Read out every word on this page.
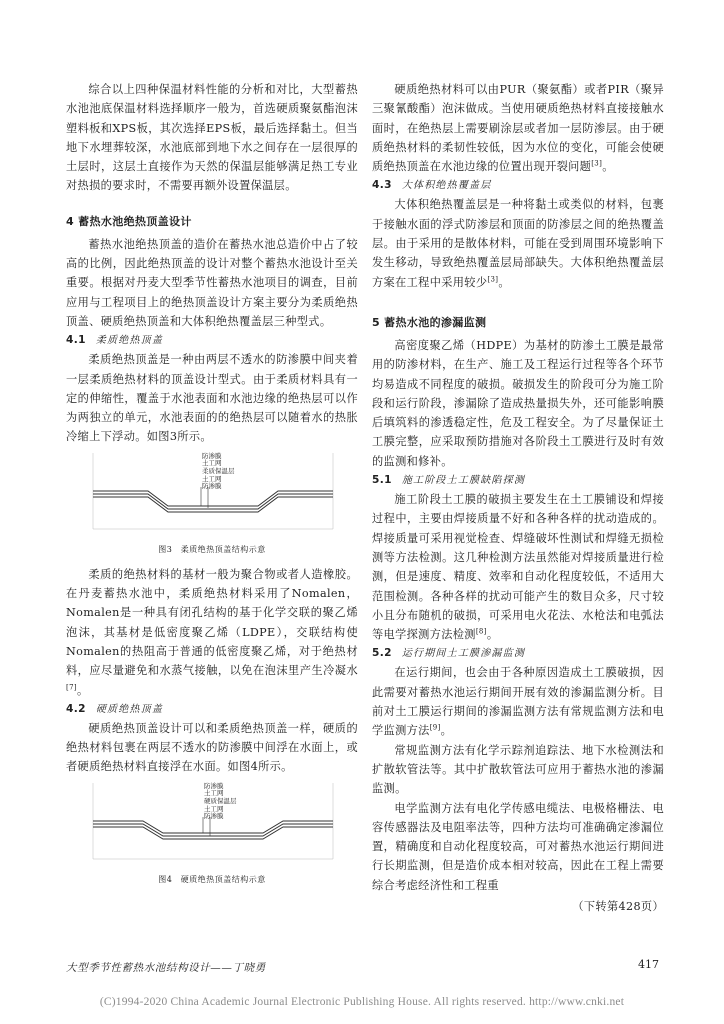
综合以上四种保温材料性能的分析和对比，大型蓄热水池池底保温材料选择顺序一般为，首选硬质聚氨酯泡沫塑料板和XPS板，其次选择EPS板，最后选择黏土。但当地下水埋葬较深，水池底部到地下水之间存在一层很厚的土层时，这层土直接作为天然的保温层能够满足热工专业对热损的要求时，不需要再额外设置保温层。

4 蓄热水池绝热顶盖设计

蓄热水池绝热顶盖的造价在蓄热水池总造价中占了较高的比例，因此绝热顶盖的设计对整个蓄热水池设计至关重要。根据对丹麦大型季节性蓄热水池项目的调查，目前应用与工程项目上的绝热顶盖设计方案主要分为柔质绝热顶盖、硬质绝热顶盖和大体积绝热覆盖层三种型式。

4.1 柔质绝热顶盖

柔质绝热顶盖是一种由两层不透水的防渗膜中间夹着一层柔质绝热材料的顶盖设计型式。由于柔质材料具有一定的伸缩性，覆盖于水池表面和水池边缘的绝热层可以作为两独立的单元，水池表面的的绝热层可以随着水的热胀冷缩上下浮动。如图3所示。

防渗膜
土工网
柔质保温层
土工网
防渗膜
图3　柔质绝热顶盖结构示意

柔质的绝热材料的基材一般为聚合物或者人造橡胶。在丹麦蓄热水池中，柔质绝热材料采用了Nomalen，Nomalen是一种具有闭孔结构的基于化学交联的聚乙烯泡沫，其基材是低密度聚乙烯（LDPE），交联结构使Nomalen的热阻高于普通的低密度聚乙烯，对于绝热材料，应尽量避免和水蒸气接触，以免在泡沫里产生冷凝水[7]。

4.2 硬质绝热顶盖

硬质绝热顶盖设计可以和柔质绝热顶盖一样，硬质的绝热材料包裹在两层不透水的防渗膜中间浮在水面上，或者硬质绝热材料直接浮在水面。如图4所示。

防渗膜
土工网
硬质保温层
土工网
防渗膜
图4　硬质绝热顶盖结构示意

硬质绝热材料可以由PUR（聚氨酯）或者PIR（聚异三聚氰酸酯）泡沫做成。当使用硬质绝热材料直接接触水面时，在绝热层上需要刷涂层或者加一层防渗层。由于硬质绝热材料的柔韧性较低，因为水位的变化，可能会使硬质绝热顶盖在水池边缘的位置出现开裂问题[3]。

4.3 大体积绝热覆盖层

大体积绝热覆盖层是一种将黏土或类似的材料，包裹于接触水面的浮式防渗层和顶面的防渗层之间的绝热覆盖层。由于采用的是散体材料，可能在受到周围环境影响下发生移动，导致绝热覆盖层局部缺失。大体积绝热覆盖层方案在工程中采用较少[3]。

5 蓄热水池的渗漏监测

高密度聚乙烯（HDPE）为基材的防渗土工膜是最常用的防渗材料，在生产、施工及工程运行过程等各个环节均易造成不同程度的破损。破损发生的阶段可分为施工阶段和运行阶段，渗漏除了造成热量损失外，还可能影响膜后填筑料的渗透稳定性，危及工程安全。为了尽量保证土工膜完整，应采取预防措施对各阶段土工膜进行及时有效的监测和修补。

5.1 施工阶段土工膜缺陷探测

施工阶段土工膜的破损主要发生在土工膜铺设和焊接过程中，主要由焊接质量不好和各种各样的扰动造成的。焊接质量可采用视觉检查、焊缝破坏性测试和焊缝无损检测等方法检测。这几种检测方法虽然能对焊接质量进行检测，但是速度、精度、效率和自动化程度较低，不适用大范围检测。各种各样的扰动可能产生的数目众多，尺寸较小且分布随机的破损，可采用电火花法、水枪法和电弧法等电学探测方法检测[8]。

5.2 运行期间土工膜渗漏监测

在运行期间，也会由于各种原因造成土工膜破损，因此需要对蓄热水池运行期间开展有效的渗漏监测分析。目前对土工膜运行期间的渗漏监测方法有常规监测方法和电学监测方法[9]。

常规监测方法有化学示踪剂追踪法、地下水检测法和扩散软管法等。其中扩散软管法可应用于蓄热水池的渗漏监测。

电学监测方法有电化学传感电缆法、电极格栅法、电容传感器法及电阻率法等，四种方法均可准确确定渗漏位置，精确度和自动化程度较高，可对蓄热水池运行期间进行长期监测，但是造价成本相对较高，因此在工程上需要综合考虑经济性和工程重

（下转第428页）
大型季节性蓄热水池结构设计——丁晓勇	417
(C)1994-2020 China Academic Journal Electronic Publishing House. All rights reserved. http://www.cnki.net
